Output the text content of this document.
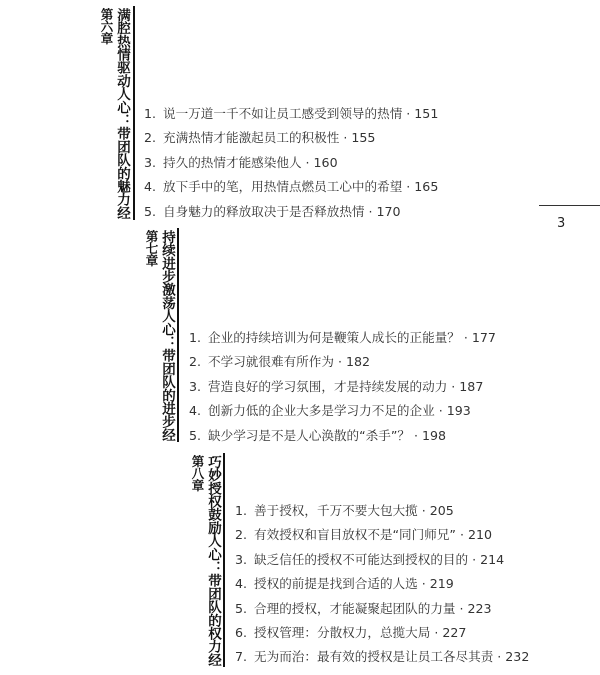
第六章 满腔热情驱动人心：带团队的魅力经 1. 说一万道一千不如让员工感受到领导的热情 · 151
2. 充满热情才能激起员工的积极性 · 155
3. 持久的热情才能感染他人 · 160
4. 放下手中的笔，用热情点燃员工心中的希望 · 165
5. 自身魅力的释放取决于是否释放热情 · 170
3
第七章 持续进步激荡人心：带团队的进步经 1. 企业的持续培训为何是鞭策人成长的正能量？ · 177
2. 不学习就很难有所作为 · 182
3. 营造良好的学习氛围，才是持续发展的动力 · 187
4. 创新力低的企业大多是学习力不足的企业 · 193
5. 缺少学习是不是人心涣散的“杀手”？ · 198
第八章 巧妙授权鼓励人心：带团队的权力经 1. 善于授权，千万不要大包大揽 · 205
2. 有效授权和盲目放权不是“同门师兄” · 210
3. 缺乏信任的授权不可能达到授权的目的 · 214
4. 授权的前提是找到合适的人选 · 219
5. 合理的授权，才能凝聚起团队的力量 · 223
6. 授权管理：分散权力，总揽大局 · 227
7. 无为而治：最有效的授权是让员工各尽其责 · 232
